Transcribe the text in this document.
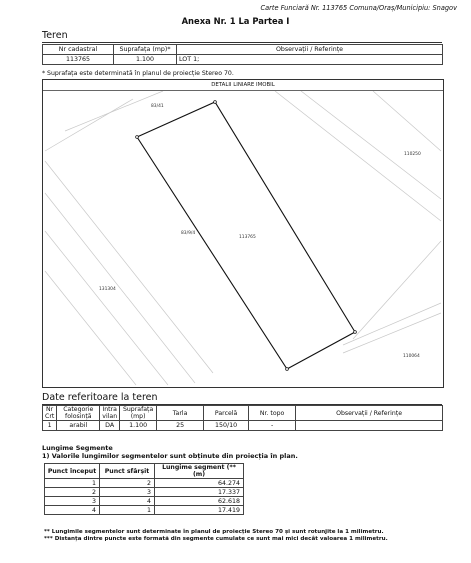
Carte Funciară Nr. 113765 Comuna/Oraș/Municipiu: Snagov
Anexa Nr. 1 La Partea I
Teren
Nr cadastral	Suprafața (mp)*	Observații / Referințe
113765	1.100	LOT 1;
* Suprafața este determinată în planul de proiecție Stereo 70.
DETALII LINIARE IMOBIL
83/41
113765
83/9/4
110250
131304
110064
Date referitoare la teren
Nr Crt	Categorie folosință	Intra vilan	Suprafața (mp)	Tarla	Parcelă	Nr. topo	Observații / Referințe
1	arabil	DA	1.100	25	150/10	-	
Lungime Segmente
1) Valorile lungimilor segmentelor sunt obținute din proiecția în plan.
Punct început	Punct sfârșit	Lungime segment (** (m)
1	2	64.274
2	3	17.337
3	4	62.618
4	1	17.419
** Lungimile segmentelor sunt determinate în planul de proiecție Stereo 70 și sunt rotunjite la 1 milimetru.
*** Distanța dintre puncte este formată din segmente cumulate ce sunt mai mici decât valoarea 1 milimetru.
